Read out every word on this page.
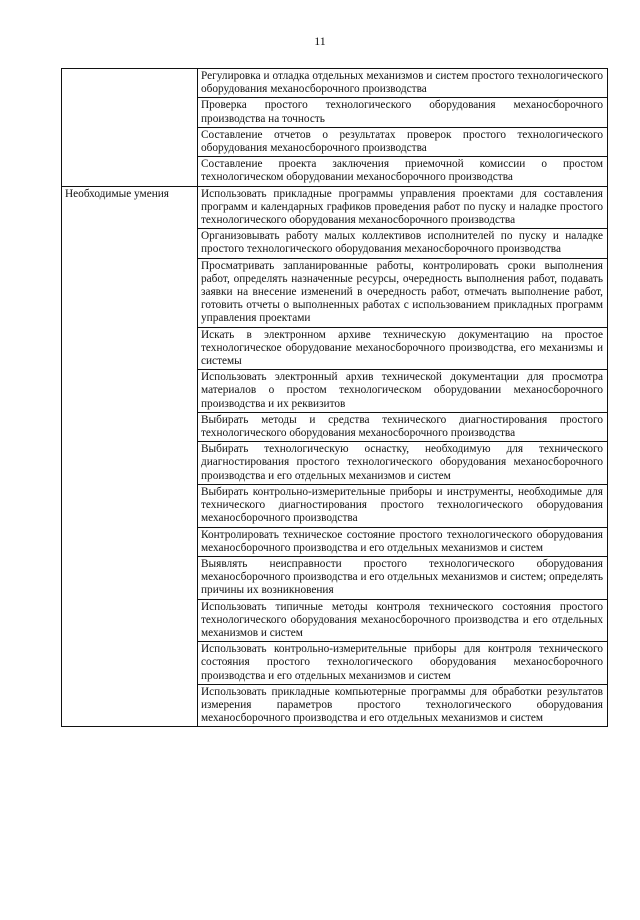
11
	Регулировка и отладка отдельных механизмов и систем простого технологического оборудования механосборочного производства
	Проверка простого технологического оборудования механосборочного производства на точность
	Составление отчетов о результатах проверок простого технологического оборудования механосборочного производства
	Составление проекта заключения приемочной комиссии о простом технологическом оборудовании механосборочного производства
Необходимые умения	Использовать прикладные программы управления проектами для составления программ и календарных графиков проведения работ по пуску и наладке простого технологического оборудования механосборочного производства
	Организовывать работу малых коллективов исполнителей по пуску и наладке простого технологического оборудования механосборочного производства
	Просматривать запланированные работы, контролировать сроки выполнения работ, определять назначенные ресурсы, очередность выполнения работ, подавать заявки на внесение изменений в очередность работ, отмечать выполнение работ, готовить отчеты о выполненных работах с использованием прикладных программ управления проектами
	Искать в электронном архиве техническую документацию на простое технологическое оборудование механосборочного производства, его механизмы и системы
	Использовать электронный архив технической документации для просмотра материалов о простом технологическом оборудовании механосборочного производства и их реквизитов
	Выбирать методы и средства технического диагностирования простого технологического оборудования механосборочного производства
	Выбирать технологическую оснастку, необходимую для технического диагностирования простого технологического оборудования механосборочного производства и его отдельных механизмов и систем
	Выбирать контрольно-измерительные приборы и инструменты, необходимые для технического диагностирования простого технологического оборудования механосборочного производства
	Контролировать техническое состояние простого технологического оборудования механосборочного производства и его отдельных механизмов и систем
	Выявлять неисправности простого технологического оборудования механосборочного производства и его отдельных механизмов и систем; определять причины их возникновения
	Использовать типичные методы контроля технического состояния простого технологического оборудования механосборочного производства и его отдельных механизмов и систем
	Использовать контрольно-измерительные приборы для контроля технического состояния простого технологического оборудования механосборочного производства и его отдельных механизмов и систем
	Использовать прикладные компьютерные программы для обработки результатов измерения параметров простого технологического оборудования механосборочного производства и его отдельных механизмов и систем
